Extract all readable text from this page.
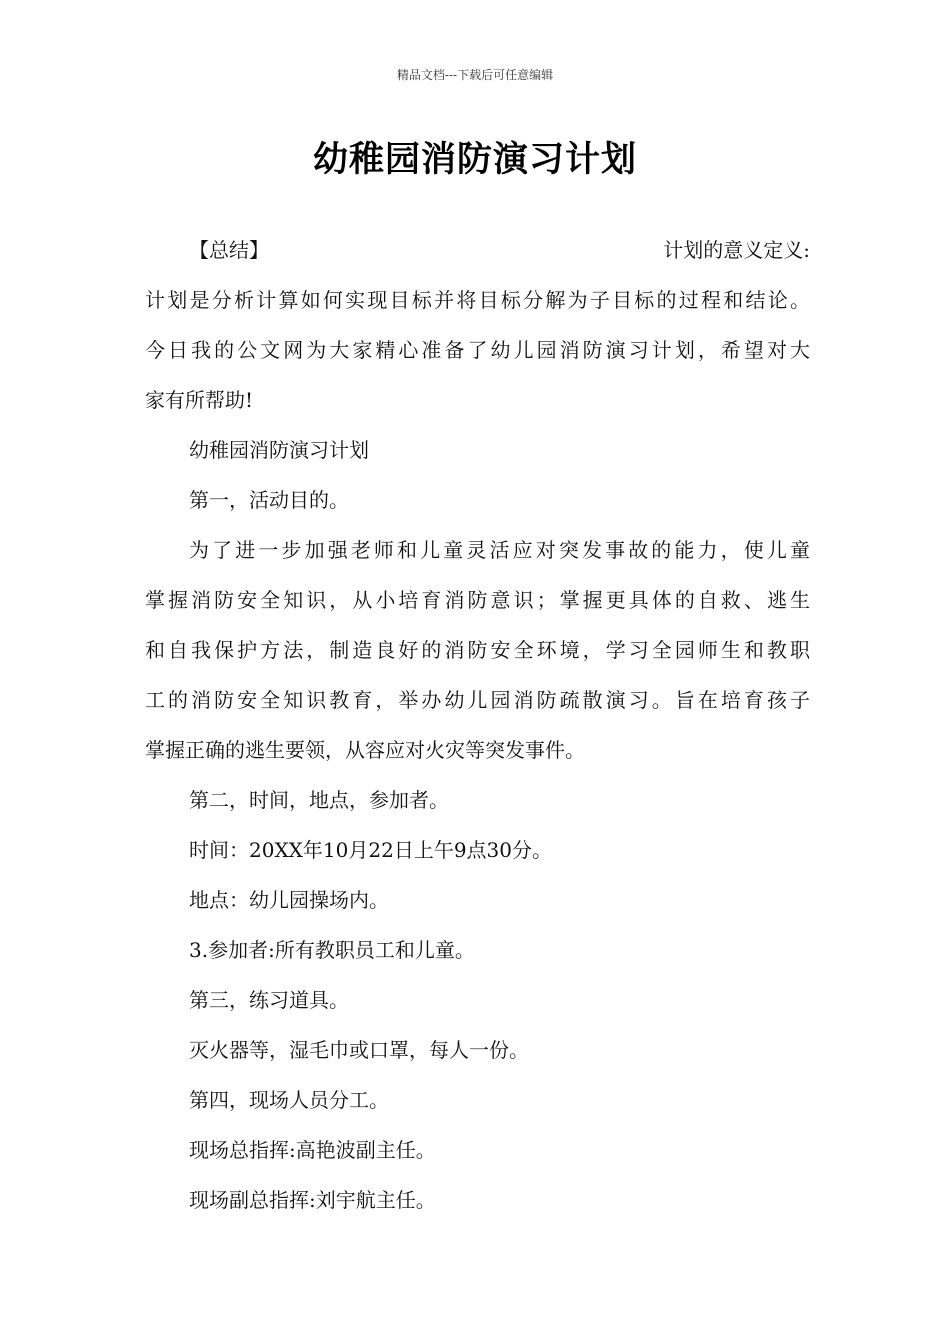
精品文档---下载后可任意编辑
幼稚园消防演习计划
【总结】	计划的意义定义:
计划是分析计算如何实现目标并将目标分解为子目标的过程和结论。
今日我的公文网为大家精心准备了幼儿园消防演习计划，希望对大
家有所帮助!
幼稚园消防演习计划
第一，活动目的。
为了进一步加强老师和儿童灵活应对突发事故的能力，使儿童
掌握消防安全知识，从小培育消防意识；掌握更具体的自救、逃生
和自我保护方法，制造良好的消防安全环境，学习全园师生和教职
工的消防安全知识教育，举办幼儿园消防疏散演习。旨在培育孩子
掌握正确的逃生要领，从容应对火灾等突发事件。
第二，时间，地点，参加者。
时间：20XX年10月22日上午9点30分。
地点：幼儿园操场内。
3.参加者:所有教职员工和儿童。
第三，练习道具。
灭火器等，湿毛巾或口罩，每人一份。
第四，现场人员分工。
现场总指挥:高艳波副主任。
现场副总指挥:刘宇航主任。
